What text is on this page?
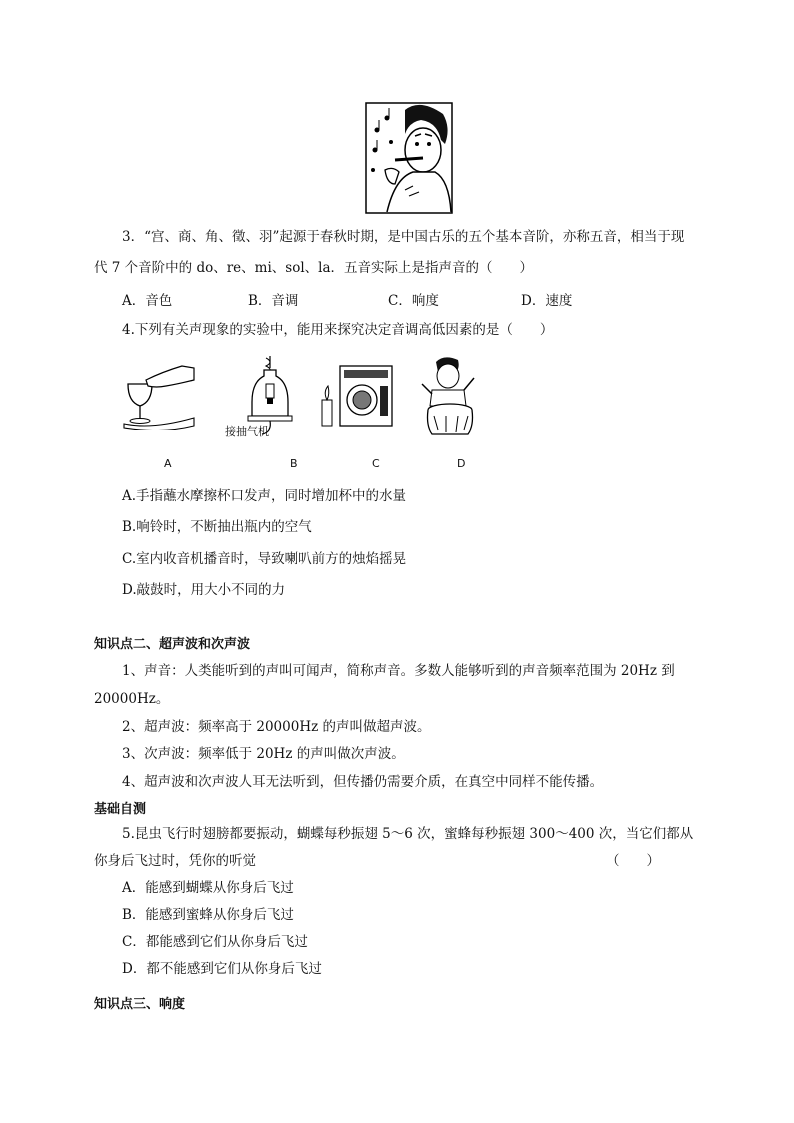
3．“宫、商、角、徵、羽”起源于春秋时期，是中国古乐的五个基本音阶，亦称五音，相当于现
代 7 个音阶中的 do、re、mi、sol、la．五音实际上是指声音的（　　）
A．音色	B．音调	C．响度	D．速度
4.下列有关声现象的实验中，能用来探究决定音调高低因素的是（　　）
接抽气机
A	B	C	D
A.手指蘸水摩擦杯口发声，同时增加杯中的水量
B.响铃时，不断抽出瓶内的空气
C.室内收音机播音时，导致喇叭前方的烛焰摇晃
D.敲鼓时，用大小不同的力
知识点二、超声波和次声波
1、声音：人类能听到的声叫可闻声，简称声音。多数人能够听到的声音频率范围为 20Hz 到
20000Hz。
2、超声波：频率高于 20000Hz 的声叫做超声波。
3、次声波：频率低于 20Hz 的声叫做次声波。
4、超声波和次声波人耳无法听到，但传播仍需要介质，在真空中同样不能传播。
基础自测
5.昆虫飞行时翅膀都要振动，蝴蝶每秒振翅 5～6 次，蜜蜂每秒振翅 300～400 次，当它们都从
你身后飞过时，凭你的听觉	（　　）
A．能感到蝴蝶从你身后飞过
B．能感到蜜蜂从你身后飞过
C．都能感到它们从你身后飞过
D．都不能感到它们从你身后飞过
知识点三、响度
